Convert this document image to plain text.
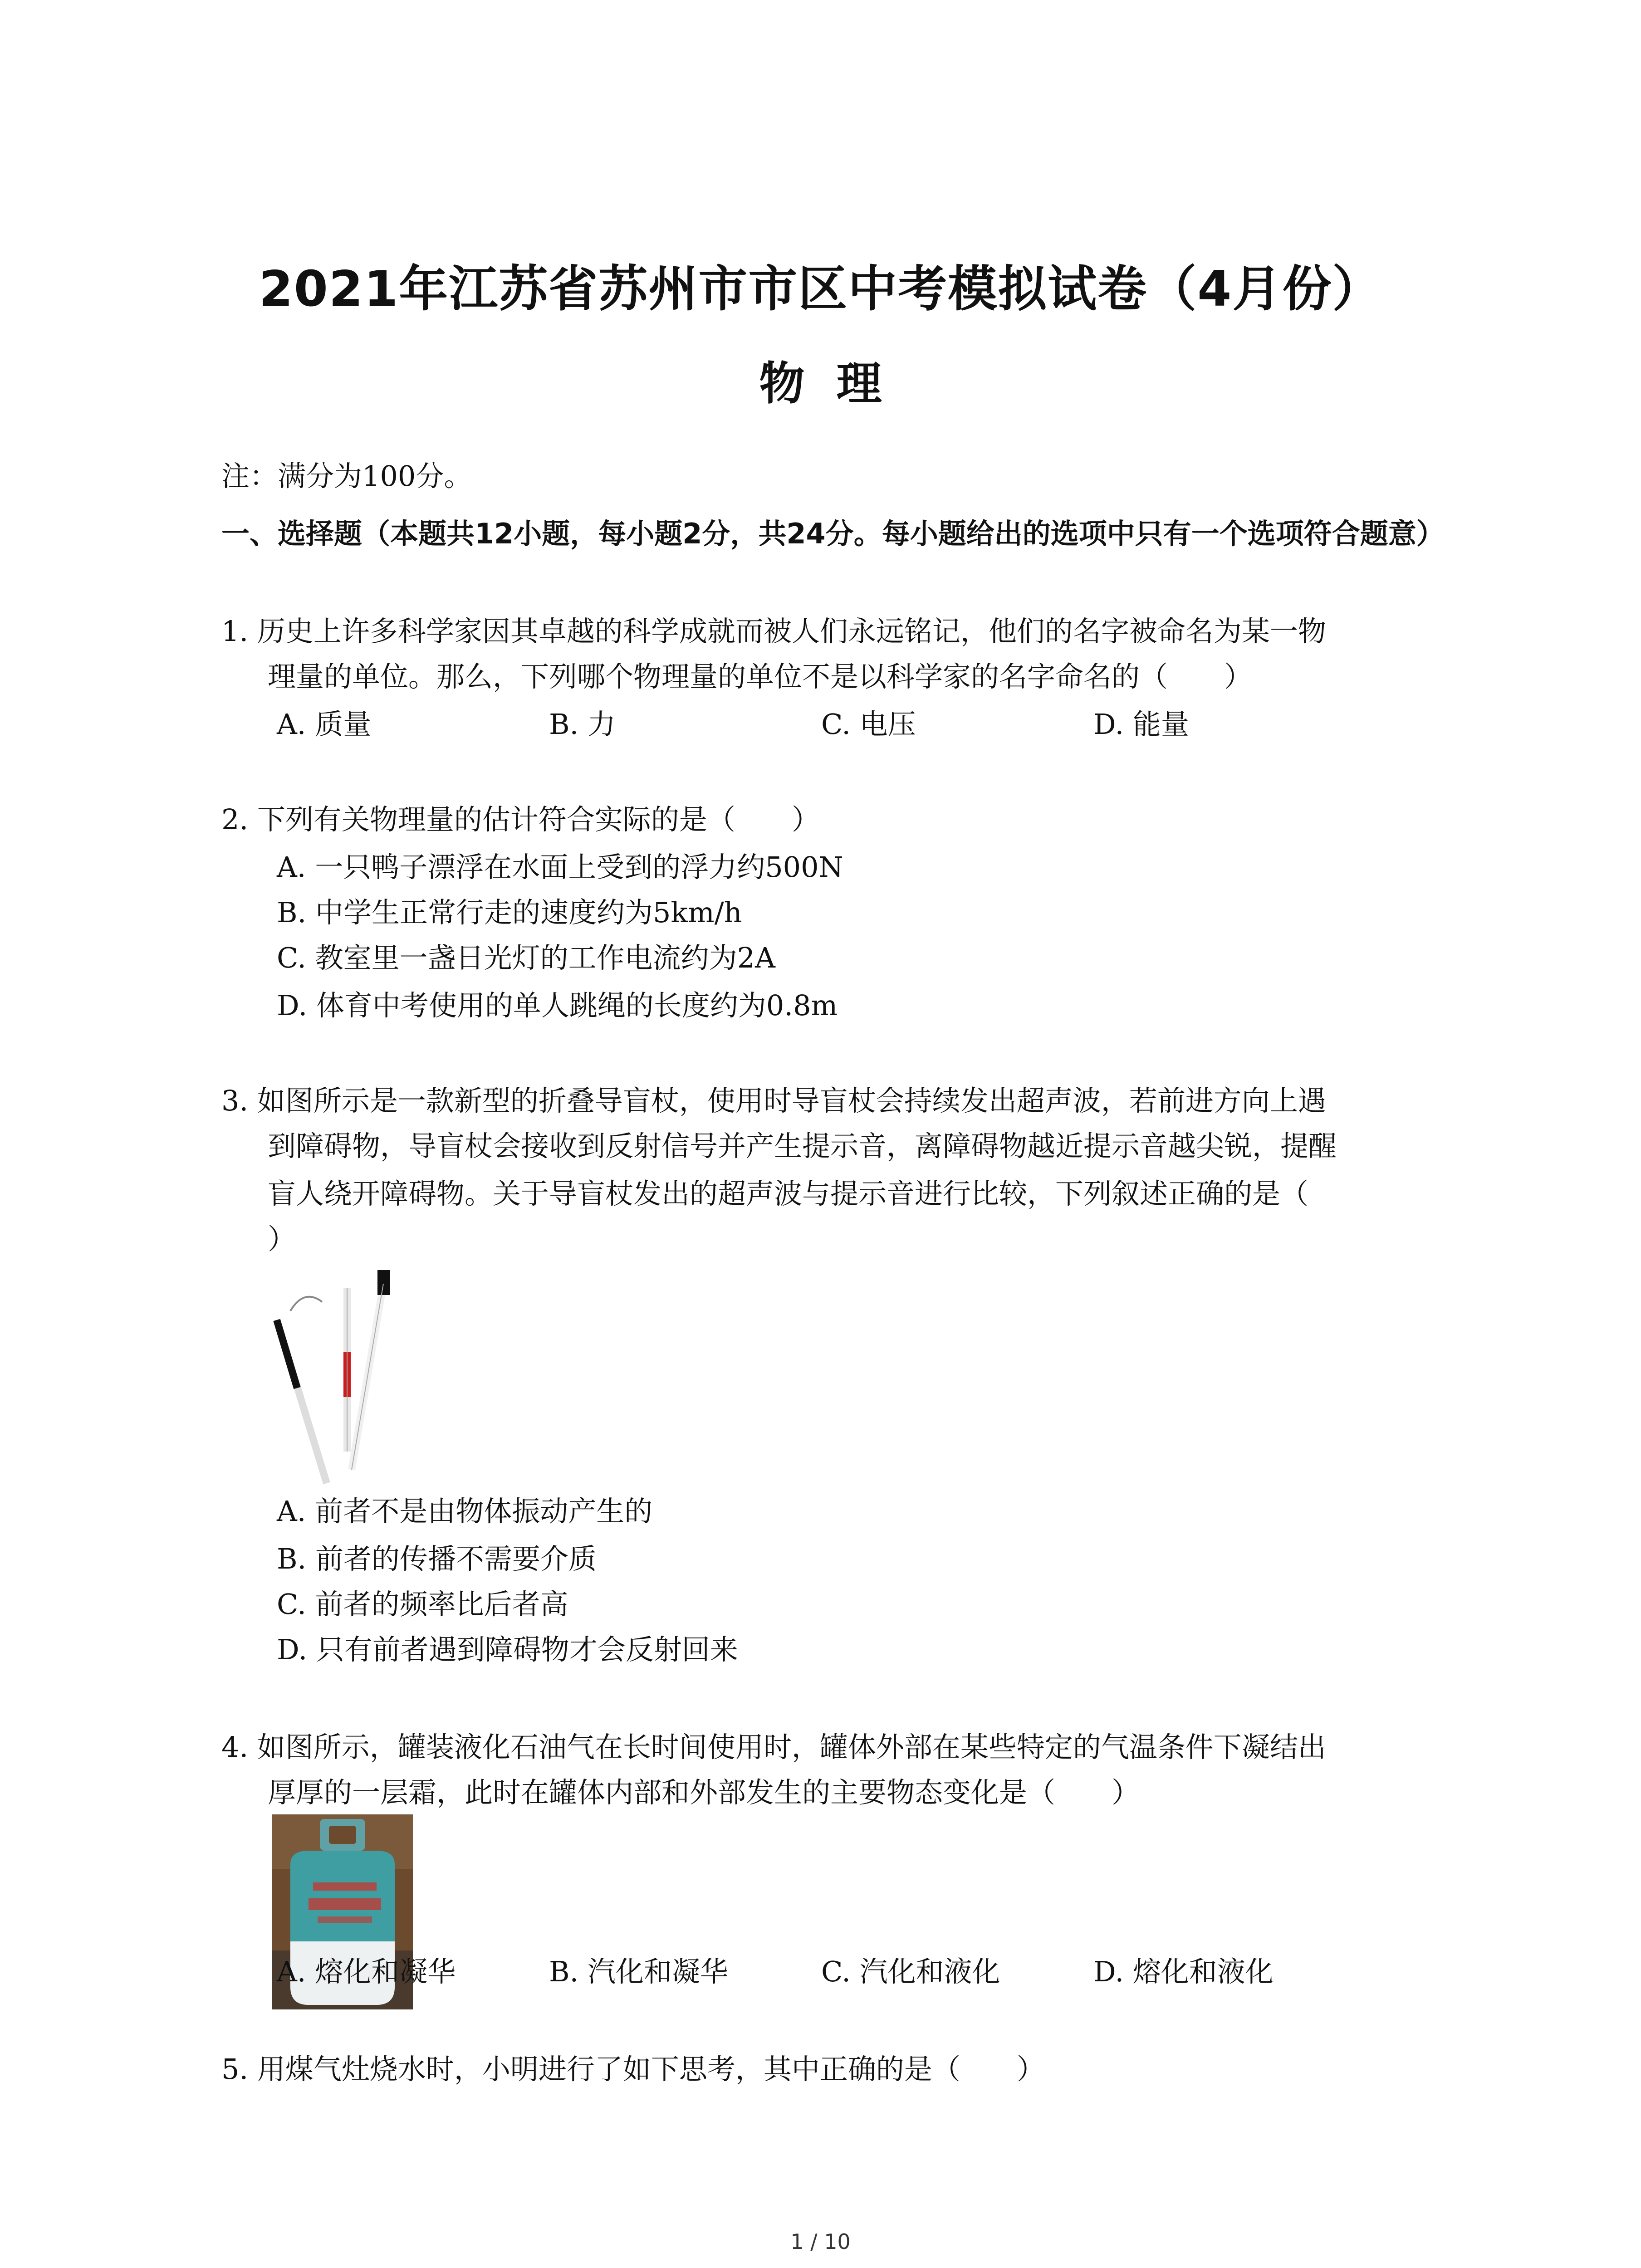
2021年江苏省苏州市市区中考模拟试卷（4月份）
物理
注：满分为100分。
一、选择题（本题共12小题，每小题2分，共24分。每小题给出的选项中只有一个选项符合题意）
1. 历史上许多科学家因其卓越的科学成就而被人们永远铭记，他们的名字被命名为某一物
理量的单位。那么，下列哪个物理量的单位不是以科学家的名字命名的（　　）
A. 质量	B. 力	C. 电压	D. 能量
2. 下列有关物理量的估计符合实际的是（　　）
A. 一只鸭子漂浮在水面上受到的浮力约500N
B. 中学生正常行走的速度约为5km/h
C. 教室里一盏日光灯的工作电流约为2A
D. 体育中考使用的单人跳绳的长度约为0.8m
3. 如图所示是一款新型的折叠导盲杖，使用时导盲杖会持续发出超声波，若前进方向上遇
到障碍物，导盲杖会接收到反射信号并产生提示音，离障碍物越近提示音越尖锐，提醒
盲人绕开障碍物。关于导盲杖发出的超声波与提示音进行比较，下列叙述正确的是（
）
A. 前者不是由物体振动产生的
B. 前者的传播不需要介质
C. 前者的频率比后者高
D. 只有前者遇到障碍物才会反射回来
4. 如图所示，罐装液化石油气在长时间使用时，罐体外部在某些特定的气温条件下凝结出
厚厚的一层霜，此时在罐体内部和外部发生的主要物态变化是（　　）
A. 熔化和凝华	B. 汽化和凝华	C. 汽化和液化	D. 熔化和液化
5. 用煤气灶烧水时，小明进行了如下思考，其中正确的是（　　）
1 / 10
